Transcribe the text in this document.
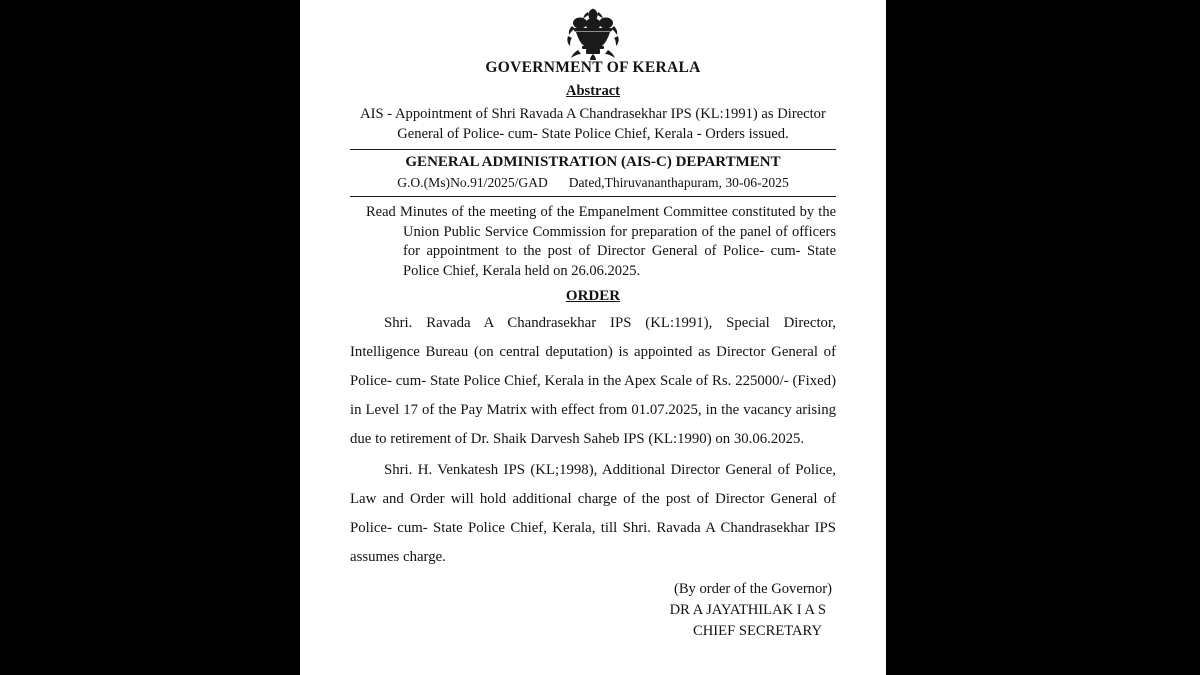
GOVERNMENT OF KERALA
Abstract
AIS - Appointment of Shri Ravada A Chandrasekhar IPS (KL:1991) as Director General of Police- cum- State Police Chief, Kerala - Orders issued.
GENERAL ADMINISTRATION (AIS-C) DEPARTMENT
G.O.(Ms)No.91/2025/GAD Dated,Thiruvananthapuram, 30-06-2025
Read Minutes of the meeting of the Empanelment Committee constituted by the Union Public Service Commission for preparation of the panel of officers for appointment to the post of Director General of Police- cum- State Police Chief, Kerala held on 26.06.2025.
ORDER

Shri. Ravada A Chandrasekhar IPS (KL:1991), Special Director, Intelligence Bureau (on central deputation) is appointed as Director General of Police- cum- State Police Chief, Kerala in the Apex Scale of Rs. 225000/- (Fixed) in Level 17 of the Pay Matrix with effect from 01.07.2025, in the vacancy arising due to retirement of Dr. Shaik Darvesh Saheb IPS (KL:1990) on 30.06.2025.

Shri. H. Venkatesh IPS (KL;1998), Additional Director General of Police, Law and Order will hold additional charge of the post of Director General of Police- cum- State Police Chief, Kerala, till Shri. Ravada A Chandrasekhar IPS assumes charge.

(By order of the Governor)
DR A JAYATHILAK I A S
CHIEF SECRETARY
